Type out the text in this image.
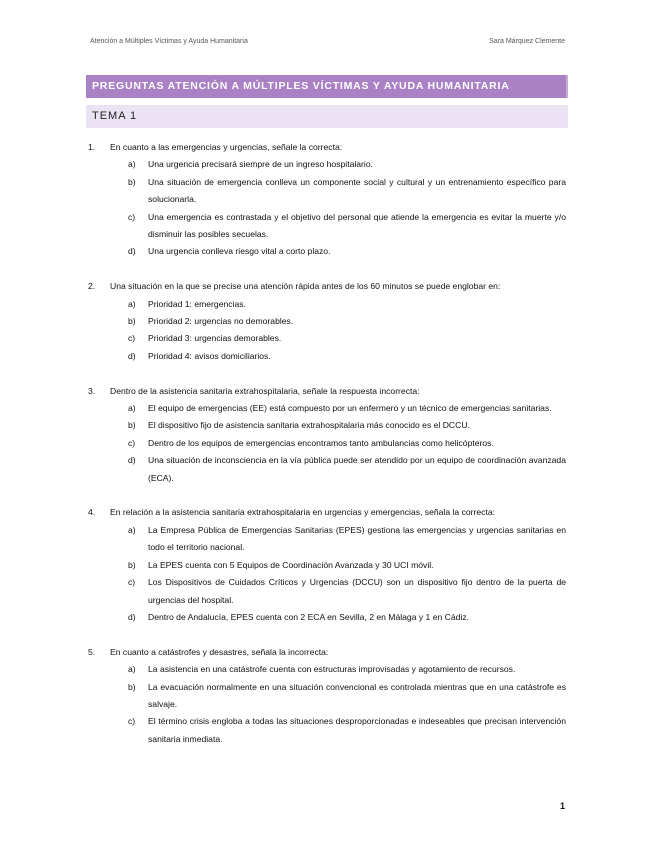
Atención a Múltiples Víctimas y Ayuda Humanitaria	Sara Márquez Clemente
PREGUNTAS ATENCIÓN A MÚLTIPLES VÍCTIMAS Y AYUDA HUMANITARIA
TEMA 1
1.	En cuanto a las emergencias y urgencias, señale la correcta:
a)	Una urgencia precisará siempre de un ingreso hospitalario.
b)	Una situación de emergencia conlleva un componente social y cultural y un entrenamiento específico para solucionarla.
c)	Una emergencia es contrastada y el objetivo del personal que atiende la emergencia es evitar la muerte y/o disminuir las posibles secuelas.
d)	Una urgencia conlleva riesgo vital a corto plazo.
2.	Una situación en la que se precise una atención rápida antes de los 60 minutos se puede englobar en:
a)	Prioridad 1: emergencias.
b)	Prioridad 2: urgencias no demorables.
c)	Prioridad 3: urgencias demorables.
d)	Prioridad 4: avisos domiciliarios.
3.	Dentro de la asistencia sanitaria extrahospitalaria, señale la respuesta incorrecta:
a)	El equipo de emergencias (EE) está compuesto por un enfermero y un técnico de emergencias sanitarias.
b)	El dispositivo fijo de asistencia sanitaria extrahospitalaria más conocido es el DCCU.
c)	Dentro de los equipos de emergencias encontramos tanto ambulancias como helicópteros.
d)	Una situación de inconsciencia en la vía pública puede ser atendido por un equipo de coordinación avanzada (ECA).
4.	En relación a la asistencia sanitaria extrahospitalaria en urgencias y emergencias, señala la correcta:
a)	La Empresa Pública de Emergencias Sanitarias (EPES) gestiona las emergencias y urgencias sanitarias en todo el territorio nacional.
b)	La EPES cuenta con 5 Equipos de Coordinación Avanzada y 30 UCI móvil.
c)	Los Dispositivos de Cuidados Críticos y Urgencias (DCCU) son un dispositivo fijo dentro de la puerta de urgencias del hospital.
d)	Dentro de Andalucía, EPES cuenta con 2 ECA en Sevilla, 2 en Málaga y 1 en Cádiz.
5.	En cuanto a catástrofes y desastres, señala la incorrecta:
a)	La asistencia en una catástrofe cuenta con estructuras improvisadas y agotamiento de recursos.
b)	La evacuación normalmente en una situación convencional es controlada mientras que en una catástrofe es salvaje.
c)	El término crisis engloba a todas las situaciones desproporcionadas e indeseables que precisan intervención sanitaria inmediata.
1
